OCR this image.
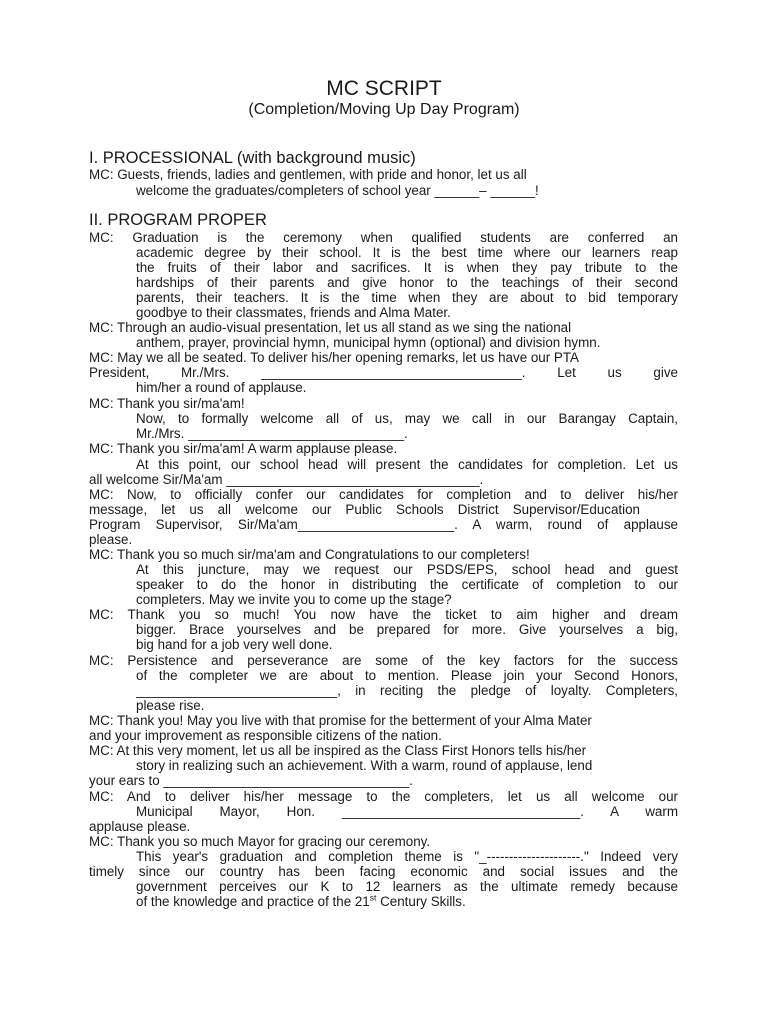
MC SCRIPT
(Completion/Moving Up Day Program)
I. PROCESSIONAL (with background music)
II. PROGRAM PROPER
MC: Guests, friends, ladies and gentlemen, with pride and honor, let us all
welcome the graduates/completers of school year ______– ______!
MC: Graduation is the ceremony when qualified students are conferred an
academic degree by their school. It is the best time where our learners reap
the fruits of their labor and sacrifices. It is when they pay tribute to the
hardships of their parents and give honor to the teachings of their second
parents, their teachers. It is the time when they are about to bid temporary
goodbye to their classmates, friends and Alma Mater.
MC: Through an audio-visual presentation, let us all stand as we sing the national
anthem, prayer, provincial hymn, municipal hymn (optional) and division hymn.
MC: May we all be seated. To deliver his/her opening remarks, let us have our PTA
President, Mr./Mrs. ___________________________________. Let us give
him/her a round of applause.
MC: Thank you sir/ma'am!
Now, to formally welcome all of us, may we call in our Barangay Captain,
Mr./Mrs. _____________________________.
MC: Thank you sir/ma'am! A warm applause please.
At this point, our school head will present the candidates for completion. Let us
all welcome Sir/Ma'am __________________________________.
MC: Now, to officially confer our candidates for completion and to deliver his/her
message, let us all welcome our Public Schools District Supervisor/Education
Program Supervisor, Sir/Ma'am_____________________. A warm, round of applause
please.
MC: Thank you so much sir/ma'am and Congratulations to our completers!
At this juncture, may we request our PSDS/EPS, school head and guest
speaker to do the honor in distributing the certificate of completion to our
completers. May we invite you to come up the stage?
MC: Thank you so much! You now have the ticket to aim higher and dream
bigger. Brace yourselves and be prepared for more. Give yourselves a big,
big hand for a job very well done.
MC: Persistence and perseverance are some of the key factors for the success
of the completer we are about to mention. Please join your Second Honors,
___________________________, in reciting the pledge of loyalty. Completers,
please rise.
MC: Thank you! May you live with that promise for the betterment of your Alma Mater
and your improvement as responsible citizens of the nation.
MC: At this very moment, let us all be inspired as the Class First Honors tells his/her
story in realizing such an achievement. With a warm, round of applause, lend
your ears to _________________________________.
MC: And to deliver his/her message to the completers, let us all welcome our
Municipal Mayor, Hon. ________________________________. A warm
applause please.
MC: Thank you so much Mayor for gracing our ceremony.
This year's graduation and completion theme is "_---------------------." Indeed very
timely since our country has been facing economic and social issues and the
government perceives our K to 12 learners as the ultimate remedy because
of the knowledge and practice of the 21st Century Skills.
